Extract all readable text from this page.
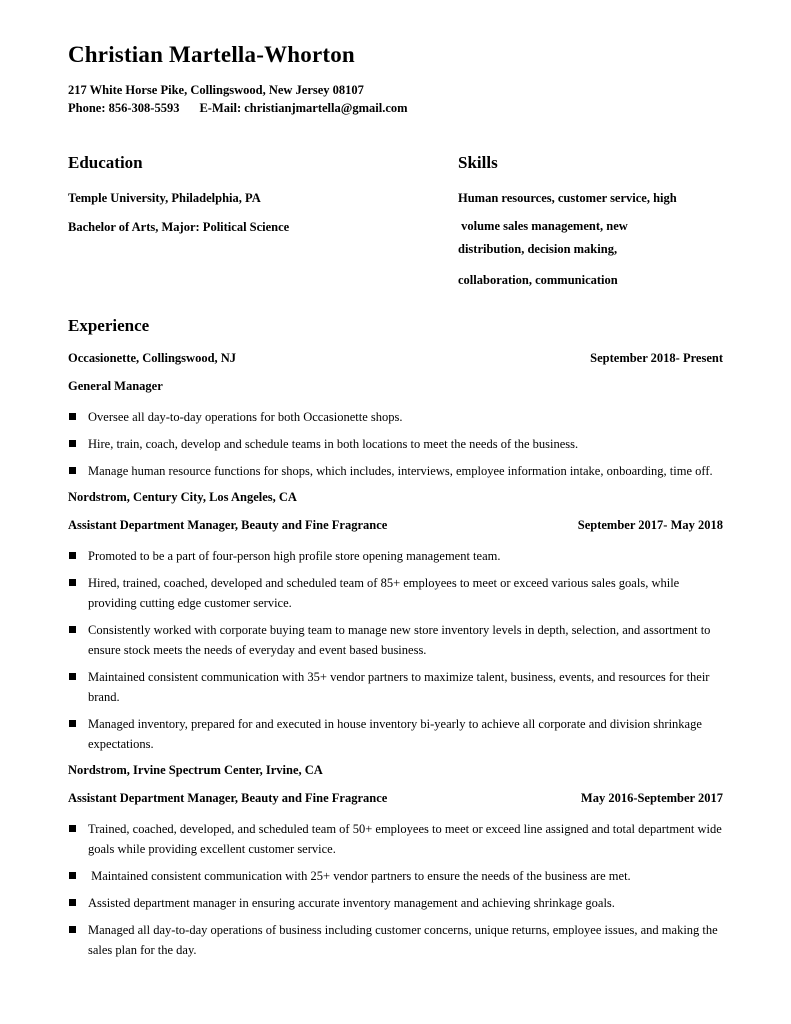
Christian Martella-Whorton

217 White Horse Pike, Collingswood, New Jersey 08107

Phone: 856-308-5593 E-Mail: christianjmartella@gmail.com

Education

Temple University, Philadelphia, PA

Bachelor of Arts, Major: Political Science

Skills

Human resources, customer service, high

volume sales management, new

distribution, decision making,

collaboration, communication

Experience
Occasionette, Collingswood, NJ	September 2018- Present
General Manager
Oversee all day-to-day operations for both Occasionette shops.
Hire, train, coach, develop and schedule teams in both locations to meet the needs of the business.
Manage human resource functions for shops, which includes, interviews, employee information intake, onboarding, time off.
Nordstrom, Century City, Los Angeles, CA
Assistant Department Manager, Beauty and Fine Fragrance	September 2017- May 2018
Promoted to be a part of four-person high profile store opening management team.
Hired, trained, coached, developed and scheduled team of 85+ employees to meet or exceed various sales goals, while providing cutting edge customer service.
Consistently worked with corporate buying team to manage new store inventory levels in depth, selection, and assortment to ensure stock meets the needs of everyday and event based business.
Maintained consistent communication with 35+ vendor partners to maximize talent, business, events, and resources for their brand.
Managed inventory, prepared for and executed in house inventory bi-yearly to achieve all corporate and division shrinkage expectations.
Nordstrom, Irvine Spectrum Center, Irvine, CA
Assistant Department Manager, Beauty and Fine Fragrance	May 2016-September 2017
Trained, coached, developed, and scheduled team of 50+ employees to meet or exceed line assigned and total department wide goals while providing excellent customer service.
Maintained consistent communication with 25+ vendor partners to ensure the needs of the business are met.
Assisted department manager in ensuring accurate inventory management and achieving shrinkage goals.
Managed all day-to-day operations of business including customer concerns, unique returns, employee issues, and making the sales plan for the day.
